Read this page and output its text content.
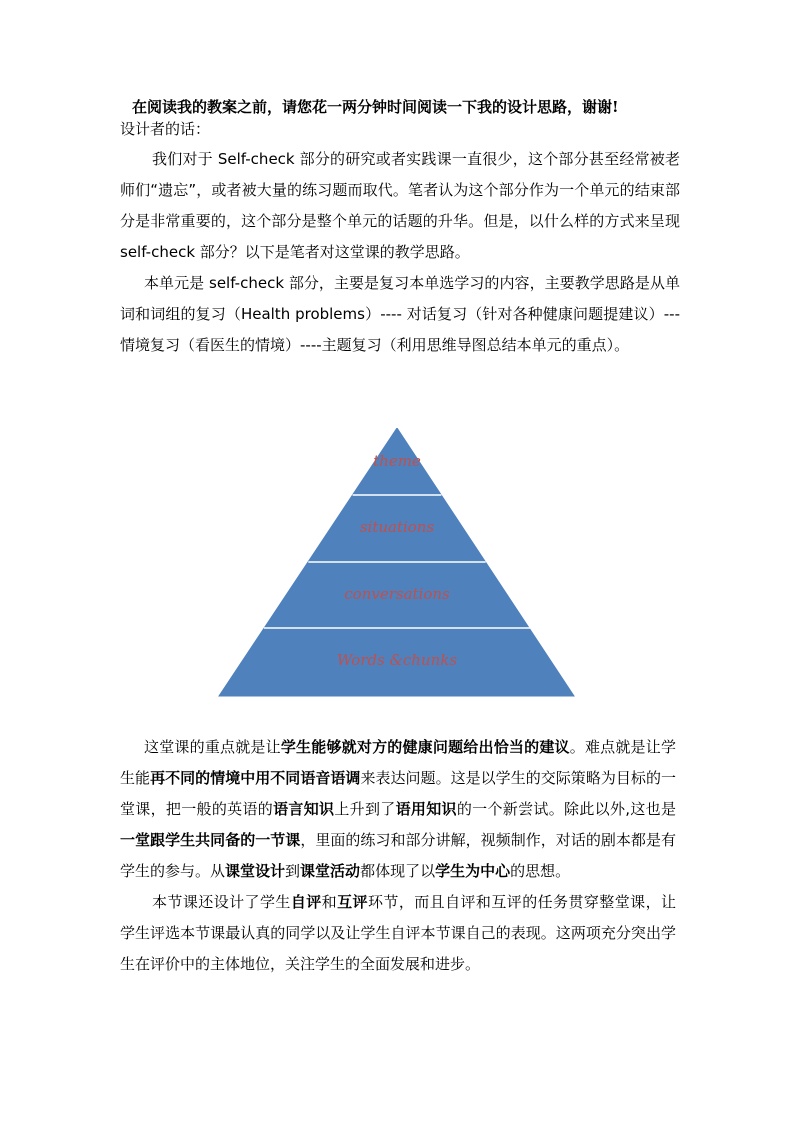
在阅读我的教案之前，请您花一两分钟时间阅读一下我的设计思路，谢谢!

设计者的话：

我们对于 Self-check 部分的研究或者实践课一直很少，这个部分甚至经常被老师们“遗忘”，或者被大量的练习题而取代。笔者认为这个部分作为一个单元的结束部分是非常重要的，这个部分是整个单元的话题的升华。但是，以什么样的方式来呈现 self-check 部分？以下是笔者对这堂课的教学思路。

本单元是 self-check 部分，主要是复习本单选学习的内容，主要教学思路是从单词和词组的复习（Health problems）---- 对话复习（针对各种健康问题提建议）--- 情境复习（看医生的情境）----主题复习（利用思维导图总结本单元的重点）。

theme
situations
conversations
Words &chunks

这堂课的重点就是让学生能够就对方的健康问题给出恰当的建议。难点就是让学生能再不同的情境中用不同语音语调来表达问题。这是以学生的交际策略为目标的一堂课，把一般的英语的语言知识上升到了语用知识的一个新尝试。除此以外,这也是一堂跟学生共同备的一节课，里面的练习和部分讲解，视频制作，对话的剧本都是有学生的参与。从课堂设计到课堂活动都体现了以学生为中心的思想。

本节课还设计了学生自评和互评环节，而且自评和互评的任务贯穿整堂课，让学生评选本节课最认真的同学以及让学生自评本节课自己的表现。这两项充分突出学生在评价中的主体地位，关注学生的全面发展和进步。
